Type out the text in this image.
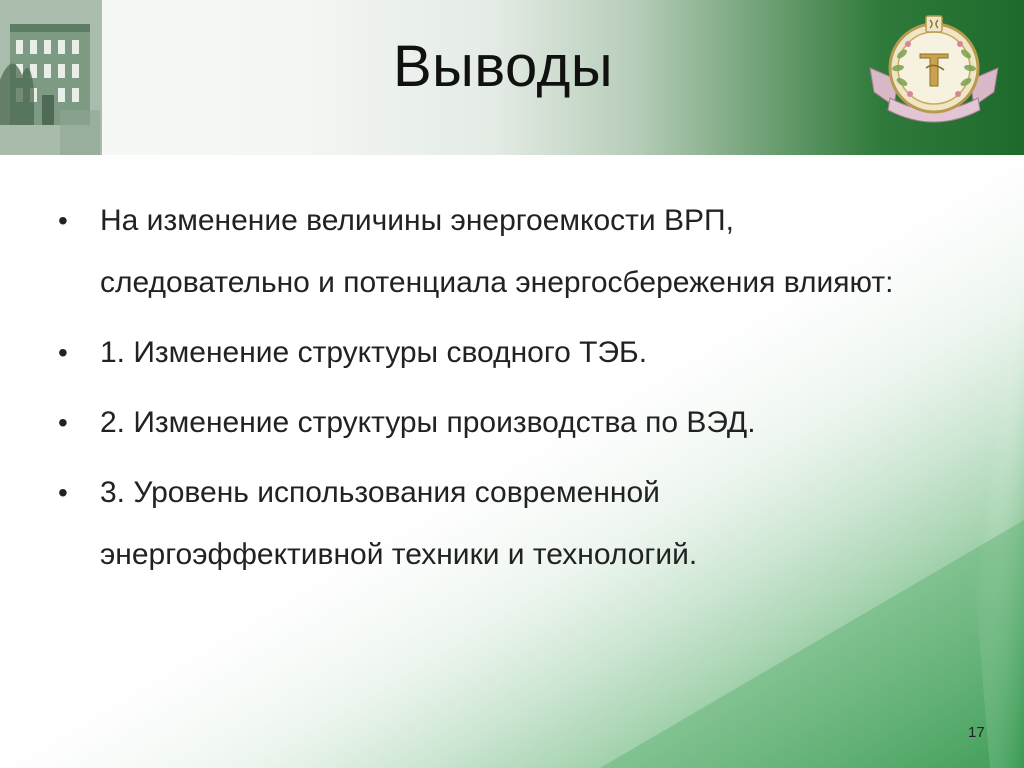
Выводы
• На изменение величины энергоемкости ВРП, следовательно и потенциала энергосбережения влияют:
• 1. Изменение структуры сводного ТЭБ.
• 2. Изменение структуры производства по ВЭД.
• 3. Уровень использования современной энергоэффективной техники и технологий.
17
